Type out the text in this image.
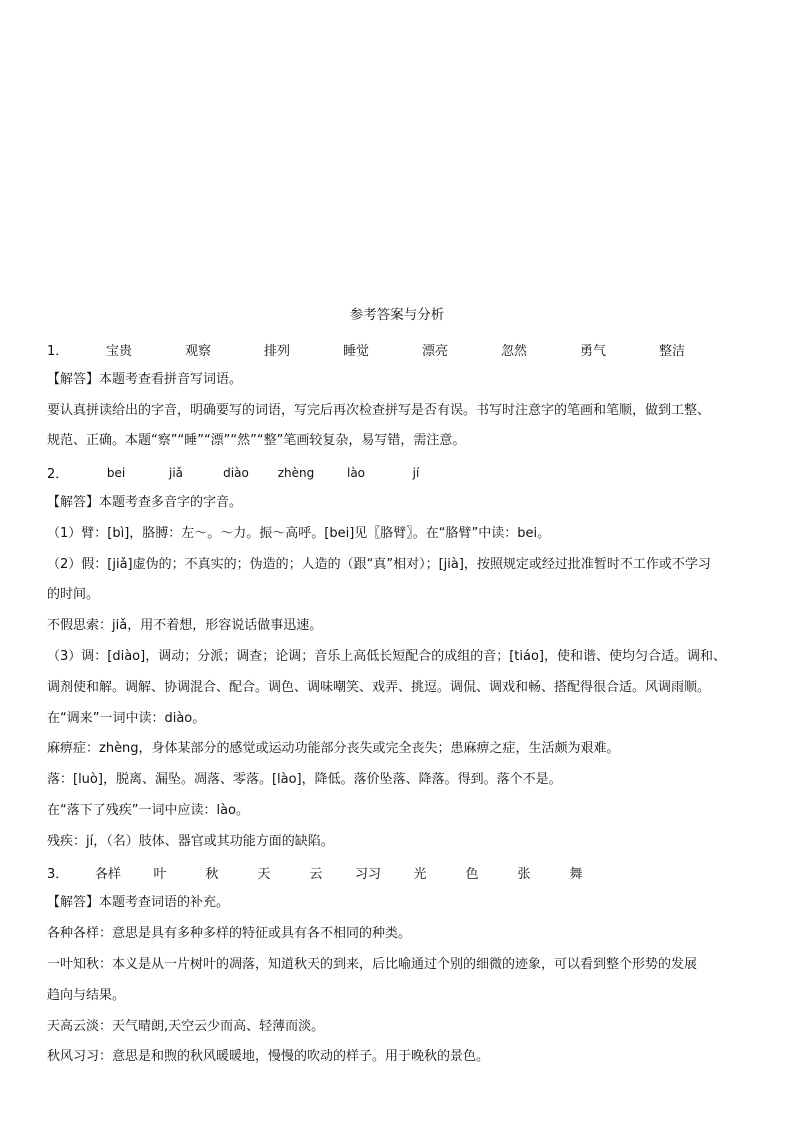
参考答案与分析
1．	宝贵	观察	排列	睡觉	漂亮	忽然	勇气	整洁
【解答】本题考查看拼音写词语。
要认真拼读给出的字音，明确要写的词语，写完后再次检查拼写是否有误。书写时注意字的笔画和笔顺，做到工整、
规范、正确。本题“察”“睡”“漂”“然”“整”笔画较复杂，易写错，需注意。
2．	bei	jiǎ	diào	zhèng	lào	jí
【解答】本题考查多音字的字音。
（1）臂：[bì]，胳膊：左～。～力。振～高呼。[bei]见〖胳臂〗。在“胳臂”中读：bei。
（2）假：[jiǎ]虚伪的；不真实的；伪造的；人造的（跟“真”相对）；[jià]，按照规定或经过批准暂时不工作或不学习
的时间。
不假思索：jiǎ，用不着想，形容说话做事迅速。
（3）调：[diào]，调动；分派；调查；论调；音乐上高低长短配合的成组的音；[tiáo]，使和谐、使均匀合适。调和、
调剂使和解。调解、协调混合、配合。调色、调味嘲笑、戏弄、挑逗。调侃、调戏和畅、搭配得很合适。风调雨顺。
在“调来”一词中读：diào。
麻痹症：zhèng，身体某部分的感觉或运动功能部分丧失或完全丧失；患麻痹之症，生活颇为艰难。
落：[luò]，脱离、漏坠。凋落、零落。[lào]，降低。落价坠落、降落。得到。落个不是。
在“落下了残疾”一词中应读：lào。
残疾：jí，（名）肢体、器官或其功能方面的缺陷。
3．	各样	叶	秋	天	云	习习	光	色	张	舞
【解答】本题考查词语的补充。
各种各样：意思是具有多种多样的特征或具有各不相同的种类。
一叶知秋：本义是从一片树叶的凋落，知道秋天的到来，后比喻通过个别的细微的迹象，可以看到整个形势的发展
趋向与结果。
天高云淡：天气晴朗,天空云少而高、轻薄而淡。
秋风习习：意思是和煦的秋风暖暖地，慢慢的吹动的样子。用于晚秋的景色。
